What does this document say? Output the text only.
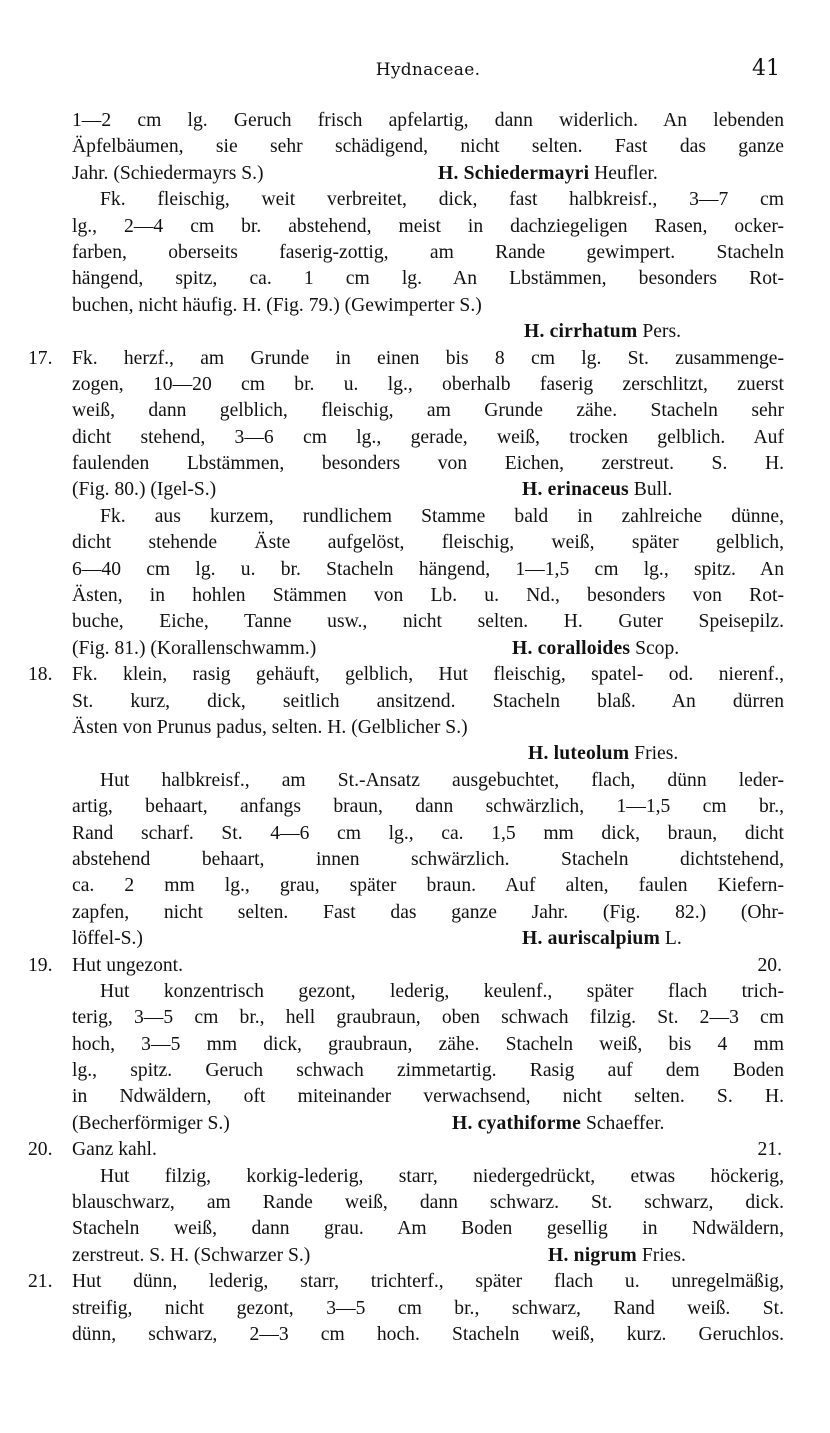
Hydnaceae.	41
1—2 cm lg. Geruch frisch apfelartig, dann widerlich. An lebenden
Äpfelbäumen, sie sehr schädigend, nicht selten. Fast das ganze
Jahr. (Schiedermayrs S.)	H. Schiedermayri Heufler.
Fk. fleischig, weit verbreitet, dick, fast halbkreisf., 3—7 cm
lg., 2—4 cm br. abstehend, meist in dachziegeligen Rasen, ocker-
farben, oberseits faserig-zottig, am Rande gewimpert. Stacheln
hängend, spitz, ca. 1 cm lg. An Lbstämmen, besonders Rot-
buchen, nicht häufig. H. (Fig. 79.) (Gewimperter S.)
H. cirrhatum Pers.
17. Fk. herzf., am Grunde in einen bis 8 cm lg. St. zusammenge-
zogen, 10—20 cm br. u. lg., oberhalb faserig zerschlitzt, zuerst
weiß, dann gelblich, fleischig, am Grunde zähe. Stacheln sehr
dicht stehend, 3—6 cm lg., gerade, weiß, trocken gelblich. Auf
faulenden Lbstämmen, besonders von Eichen, zerstreut. S. H.
(Fig. 80.) (Igel-S.)	H. erinaceus Bull.
Fk. aus kurzem, rundlichem Stamme bald in zahlreiche dünne,
dicht stehende Äste aufgelöst, fleischig, weiß, später gelblich,
6—40 cm lg. u. br. Stacheln hängend, 1—1,5 cm lg., spitz. An
Ästen, in hohlen Stämmen von Lb. u. Nd., besonders von Rot-
buche, Eiche, Tanne usw., nicht selten. H. Guter Speisepilz.
(Fig. 81.) (Korallenschwamm.)	H. coralloides Scop.
18. Fk. klein, rasig gehäuft, gelblich, Hut fleischig, spatel- od. nierenf.,
St. kurz, dick, seitlich ansitzend. Stacheln blaß. An dürren
Ästen von Prunus padus, selten. H. (Gelblicher S.)
H. luteolum Fries.
Hut halbkreisf., am St.-Ansatz ausgebuchtet, flach, dünn leder-
artig, behaart, anfangs braun, dann schwärzlich, 1—1,5 cm br.,
Rand scharf. St. 4—6 cm lg., ca. 1,5 mm dick, braun, dicht
abstehend behaart, innen schwärzlich. Stacheln dichtstehend,
ca. 2 mm lg., grau, später braun. Auf alten, faulen Kiefern-
zapfen, nicht selten. Fast das ganze Jahr. (Fig. 82.) (Ohr-
löffel-S.)	H. auriscalpium L.
19. Hut ungezont.	20.
Hut konzentrisch gezont, lederig, keulenf., später flach trich-
terig, 3—5 cm br., hell graubraun, oben schwach filzig. St. 2—3 cm
hoch, 3—5 mm dick, graubraun, zähe. Stacheln weiß, bis 4 mm
lg., spitz. Geruch schwach zimmetartig. Rasig auf dem Boden
in Ndwäldern, oft miteinander verwachsend, nicht selten. S. H.
(Becherförmiger S.)	H. cyathiforme Schaeffer.
20. Ganz kahl.	21.
Hut filzig, korkig-lederig, starr, niedergedrückt, etwas höckerig,
blauschwarz, am Rande weiß, dann schwarz. St. schwarz, dick.
Stacheln weiß, dann grau. Am Boden gesellig in Ndwäldern,
zerstreut. S. H. (Schwarzer S.)	H. nigrum Fries.
21. Hut dünn, lederig, starr, trichterf., später flach u. unregelmäßig,
streifig, nicht gezont, 3—5 cm br., schwarz, Rand weiß. St.
dünn, schwarz, 2—3 cm hoch. Stacheln weiß, kurz. Geruchlos.
